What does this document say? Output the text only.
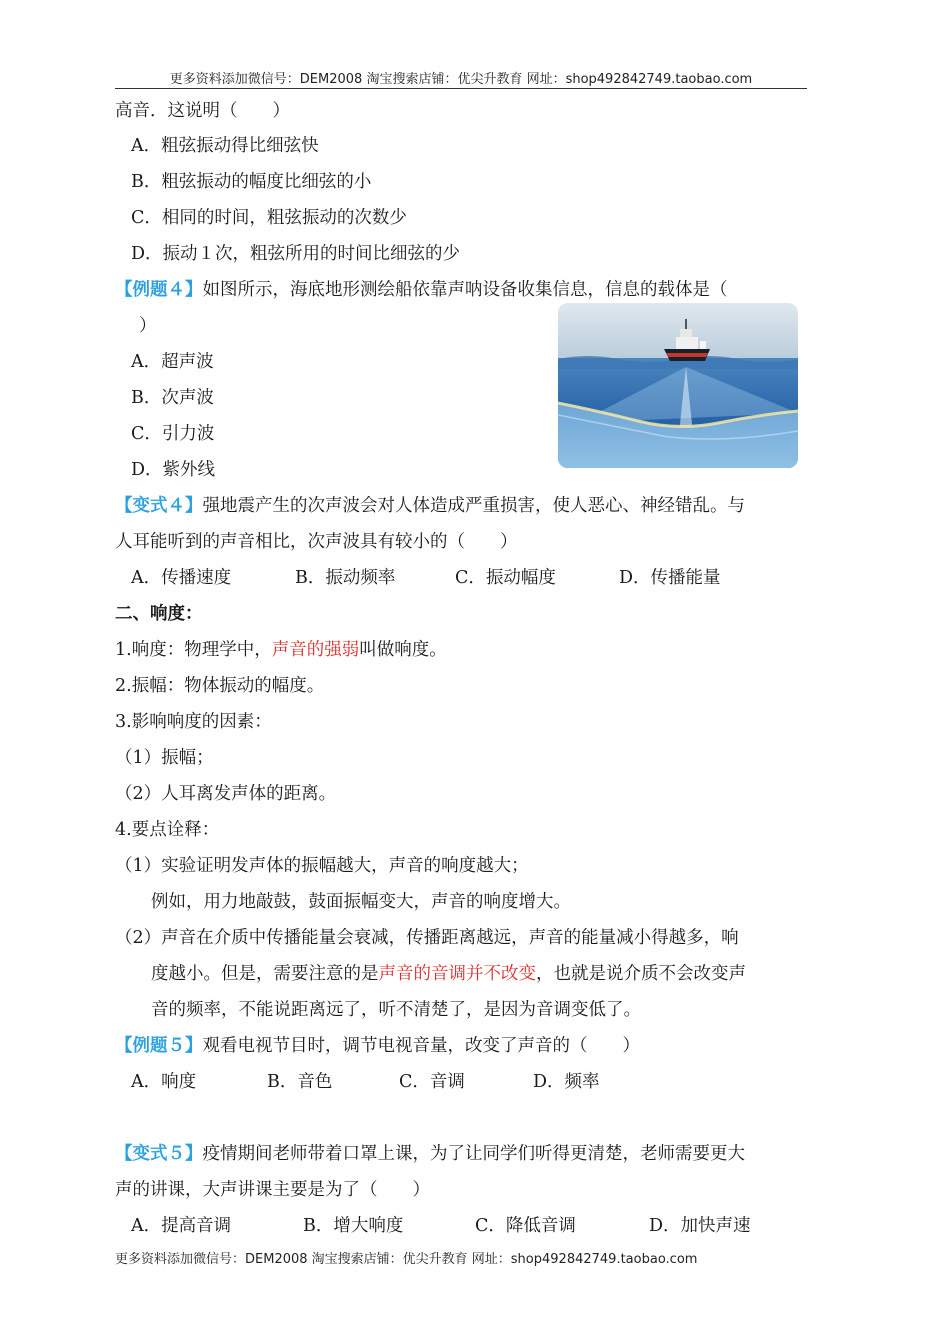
更多资料添加微信号：DEM2008 淘宝搜索店铺：优尖升教育 网址：shop492842749.taobao.com
高音．这说明（　　）
A．粗弦振动得比细弦快
B．粗弦振动的幅度比细弦的小
C．相同的时间，粗弦振动的次数少
D．振动１次，粗弦所用的时间比细弦的少
【例题４】如图所示，海底地形测绘船依靠声呐设备收集信息，信息的载体是（
）
A．超声波
B．次声波
C．引力波
D．紫外线
【变式４】强地震产生的次声波会对人体造成严重损害，使人恶心、神经错乱。与
人耳能听到的声音相比，次声波具有较小的（　　）
A．传播速度	B．振动频率	C．振动幅度	D．传播能量
二、响度：
1.响度：物理学中，声音的强弱叫做响度。
2.振幅：物体振动的幅度。
3.影响响度的因素：
（1）振幅；
（2）人耳离发声体的距离。
4.要点诠释：
（1）实验证明发声体的振幅越大，声音的响度越大；
例如，用力地敲鼓，鼓面振幅变大，声音的响度增大。
（2）声音在介质中传播能量会衰减，传播距离越远，声音的能量减小得越多，响
度越小。但是，需要注意的是声音的音调并不改变，也就是说介质不会改变声
音的频率，不能说距离远了，听不清楚了，是因为音调变低了。
【例题５】观看电视节目时，调节电视音量，改变了声音的（　　）
A．响度	B．音色	C．音调	D．频率
【变式５】疫情期间老师带着口罩上课，为了让同学们听得更清楚，老师需要更大
声的讲课，大声讲课主要是为了（　　）
A．提高音调	B．增大响度	C．降低音调	D．加快声速
更多资料添加微信号：DEM2008 淘宝搜索店铺：优尖升教育 网址：shop492842749.taobao.com
